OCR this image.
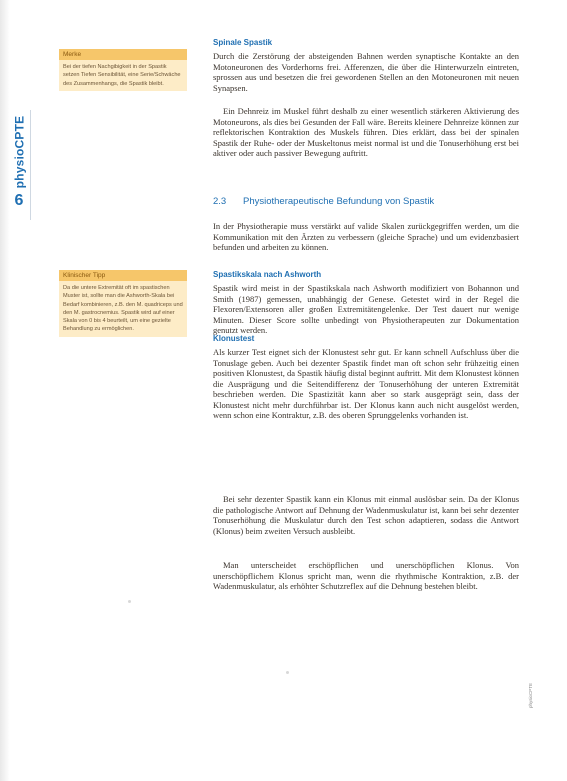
physioCPTE
6
Merke
Bei der tiefen Nachgibigkeit in der Spastik setzen Tiefen Sensibilität, eine Serie/Schwäche des Zusammenhangs, die Spastik bleibt.
Klinischer Tipp
Da die untere Extremität oft im spastischen Muster ist, sollte man die Ashworth-Skala bei Bedarf kombinieren, z.B. den M. quadriceps und den M. gastrocnemius. Spastik wird auf einer Skala von 0 bis 4 beurteilt, um eine gezielte Behandlung zu ermöglichen.
Spinale Spastik

Durch die Zerstörung der absteigenden Bahnen werden synaptische Kontakte an den Motoneuronen des Vorderhorns frei. Afferenzen, die über die Hinterwurzeln eintreten, sprossen aus und besetzen die frei gewordenen Stellen an den Motoneuronen mit neuen Synapsen.

Ein Dehnreiz im Muskel führt deshalb zu einer wesentlich stärkeren Aktivierung des Motoneurons, als dies bei Gesunden der Fall wäre. Bereits kleinere Dehnreize können zur reflektorischen Kontraktion des Muskels führen. Dies erklärt, dass bei der spinalen Spastik der Ruhe- oder der Muskeltonus meist normal ist und die Tonuserhöhung erst bei aktiver oder auch passiver Bewegung auftritt.

2.3 Physiotherapeutische Befundung von Spastik

In der Physiotherapie muss verstärkt auf valide Skalen zurückgegriffen werden, um die Kommunikation mit den Ärzten zu verbessern (gleiche Sprache) und um evidenzbasiert befunden und arbeiten zu können.

Spastikskala nach Ashworth

Spastik wird meist in der Spastikskala nach Ashworth modifiziert von Bohannon und Smith (1987) gemessen, unabhängig der Genese. Getestet wird in der Regel die Flexoren/Extensoren aller großen Extremitätengelenke. Der Test dauert nur wenige Minuten. Dieser Score sollte unbedingt von Physiotherapeuten zur Dokumentation genutzt werden.

Klonustest

Als kurzer Test eignet sich der Klonustest sehr gut. Er kann schnell Aufschluss über die Tonuslage geben. Auch bei dezenter Spastik findet man oft schon sehr frühzeitig einen positiven Klonustest, da Spastik häufig distal beginnt auftritt. Mit dem Klonustest können die Ausprägung und die Seitendifferenz der Tonuserhöhung der unteren Extremität beschrieben werden. Die Spastizität kann aber so stark ausgeprägt sein, dass der Klonustest nicht mehr durchführbar ist. Der Klonus kann auch nicht ausgelöst werden, wenn schon eine Kontraktur, z.B. des oberen Sprunggelenks vorhanden ist.

Bei sehr dezenter Spastik kann ein Klonus mit einmal auslösbar sein. Da der Klonus die pathologische Antwort auf Dehnung der Wadenmuskulatur ist, kann bei sehr dezenter Tonuserhöhung die Muskulatur durch den Test schon adaptieren, sodass die Antwort (Klonus) beim zweiten Versuch ausbleibt.

Man unterscheidet erschöpflichen und unerschöpflichen Klonus. Von unerschöpflichem Klonus spricht man, wenn die rhythmische Kontraktion, z.B. der Wadenmuskulatur, als erhöhter Schutzreflex auf die Dehnung bestehen bleibt.

physioCPTE
